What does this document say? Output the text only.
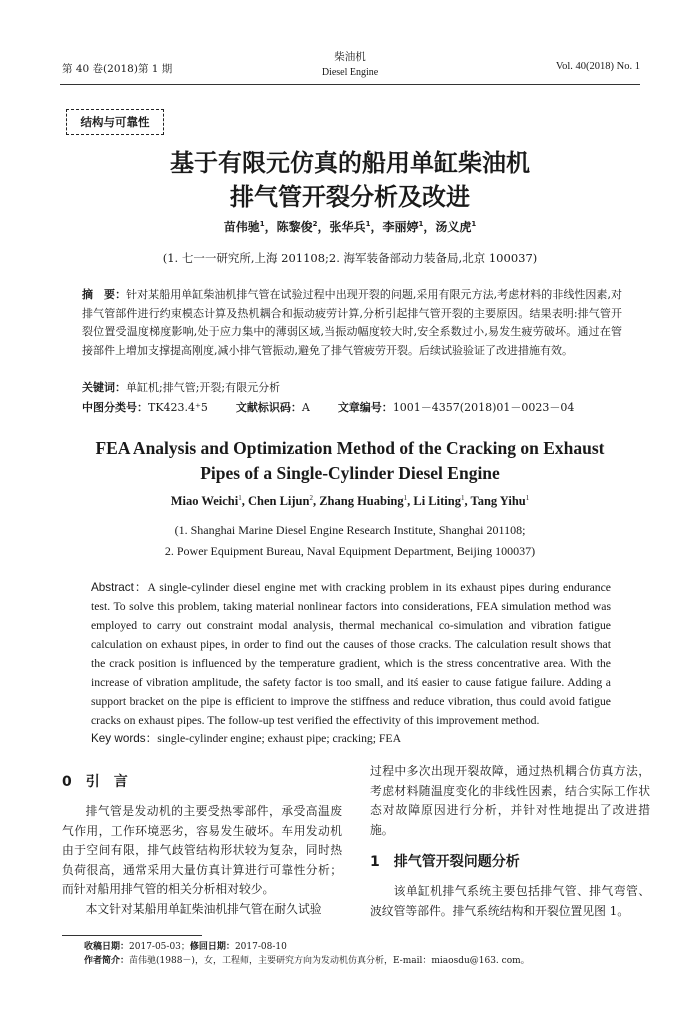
第 40 卷(2018)第 1 期
柴油机
Diesel Engine
Vol. 40(2018) No. 1
结构与可靠性
基于有限元仿真的船用单缸柴油机
排气管开裂分析及改进
苗伟驰$^1$，陈黎俊$^2$，张华兵$^1$，李丽婷$^1$，汤义虎$^1$
(1. 七一一研究所,上海 201108;2. 海军装备部动力装备局,北京 100037)
摘　要：针对某船用单缸柴油机排气管在试验过程中出现开裂的问题,采用有限元方法,考虑材料的非线性因素,对排气管部件进行约束模态计算及热机耦合和振动疲劳计算,分析引起排气管开裂的主要原因。结果表明:排气管开裂位置受温度梯度影响,处于应力集中的薄弱区域,当振动幅度较大时,安全系数过小,易发生疲劳破坏。通过在管接部件上增加支撑提高刚度,减小排气管振动,避免了排气管疲劳开裂。后续试验验证了改进措施有效。
关键词：单缸机;排气管;开裂;有限元分析
中图分类号：TK423.4⁺5	文献标识码：A	文章编号：1001－4357(2018)01－0023－04
FEA Analysis and Optimization Method of the Cracking on Exhaust
Pipes of a Single-Cylinder Diesel Engine
Miao Weichi$^1$, Chen Lijun$^2$, Zhang Huabing$^1$, Li Liting$^1$, Tang Yihu$^1$
(1. Shanghai Marine Diesel Engine Research Institute, Shanghai 201108;
2. Power Equipment Bureau, Naval Equipment Department, Beijing 100037)
Abstract：A single-cylinder diesel engine met with cracking problem in its exhaust pipes during endurance test. To solve this problem, taking material nonlinear factors into considerations, FEA simulation method was employed to carry out constraint modal analysis, thermal mechanical co-simulation and vibration fatigue calculation on exhaust pipes, in order to find out the causes of those cracks. The calculation result shows that the crack position is influenced by the temperature gradient, which is the stress concentrative area. With the increase of vibration amplitude, the safety factor is too small, and itś easier to cause fatigue failure. Adding a support bracket on the pipe is efficient to improve the stiffness and reduce vibration, thus could avoid fatigue cracks on exhaust pipes. The follow-up test verified the effectivity of this improvement method.
Key words：single-cylinder engine; exhaust pipe; cracking; FEA
0　引　言

排气管是发动机的主要受热零部件，承受高温废气作用，工作环境恶劣，容易发生破坏。车用发动机由于空间有限，排气歧管结构形状较为复杂，同时热负荷很高，通常采用大量仿真计算进行可靠性分析；而针对船用排气管的相关分析相对较少。

本文针对某船用单缸柴油机排气管在耐久试验

过程中多次出现开裂故障，通过热机耦合仿真方法，考虑材料随温度变化的非线性因素，结合实际工作状态对故障原因进行分析，并针对性地提出了改进措施。

1　排气管开裂问题分析

该单缸机排气系统主要包括排气管、排气弯管、波纹管等部件。排气系统结构和开裂位置见图 1。

收稿日期：2017-05-03；修回日期：2017-08-10
作者简介：苗伟驰(1988－)，女，工程师，主要研究方向为发动机仿真分析，E-mail：miaosdu@163. com。
